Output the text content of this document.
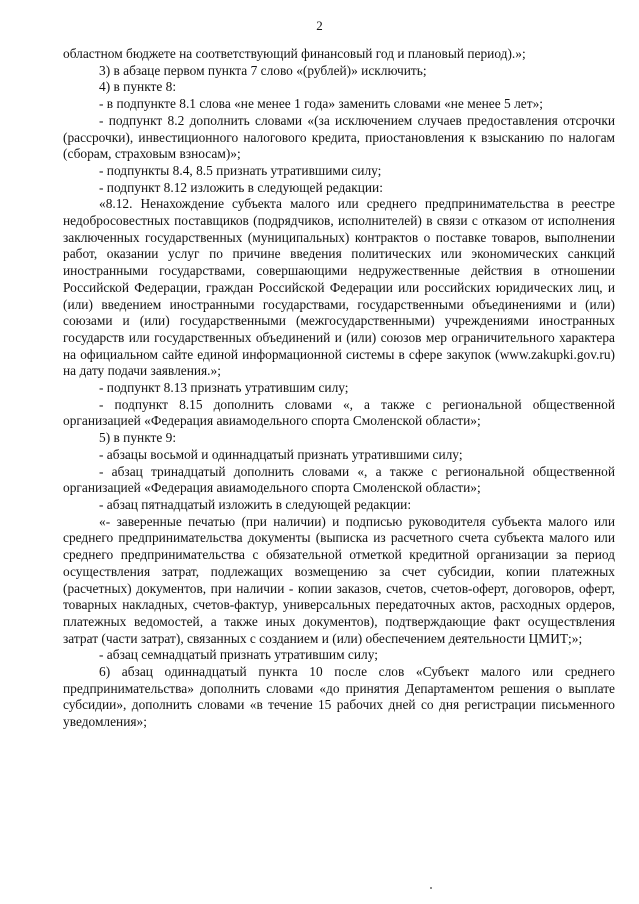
2

областном бюджете на соответствующий финансовый год и плановый период).»;

3) в абзаце первом пункта 7 слово «(рублей)» исключить;

4) в пункте 8:

- в подпункте 8.1 слова «не менее 1 года» заменить словами «не менее 5 лет»;

- подпункт 8.2 дополнить словами «(за исключением случаев предоставления отсрочки (рассрочки), инвестиционного налогового кредита, приостановления к взысканию по налогам (сборам, страховым взносам)»;

- подпункты 8.4, 8.5 признать утратившими силу;

- подпункт 8.12 изложить в следующей редакции:

«8.12. Ненахождение субъекта малого или среднего предпринимательства в реестре недобросовестных поставщиков (подрядчиков, исполнителей) в связи с отказом от исполнения заключенных государственных (муниципальных) контрактов о поставке товаров, выполнении работ, оказании услуг по причине введения политических или экономических санкций иностранными государствами, совершающими недружественные действия в отношении Российской Федерации, граждан Российской Федерации или российских юридических лиц, и (или) введением иностранными государствами, государственными объединениями и (или) союзами и (или) государственными (межгосударственными) учреждениями иностранных государств или государственных объединений и (или) союзов мер ограничительного характера на официальном сайте единой информационной системы в сфере закупок (www.zakupki.gov.ru) на дату подачи заявления.»;

- подпункт 8.13 признать утратившим силу;

- подпункт 8.15 дополнить словами «, а также с региональной общественной организацией «Федерация авиамодельного спорта Смоленской области»;

5) в пункте 9:

- абзацы восьмой и одиннадцатый признать утратившими силу;

- абзац тринадцатый дополнить словами «, а также с региональной общественной организацией «Федерация авиамодельного спорта Смоленской области»;

- абзац пятнадцатый изложить в следующей редакции:

«- заверенные печатью (при наличии) и подписью руководителя субъекта малого или среднего предпринимательства документы (выписка из расчетного счета субъекта малого или среднего предпринимательства с обязательной отметкой кредитной организации за период осуществления затрат, подлежащих возмещению за счет субсидии, копии платежных (расчетных) документов, при наличии - копии заказов, счетов, счетов-оферт, договоров, оферт, товарных накладных, счетов-фактур, универсальных передаточных актов, расходных ордеров, платежных ведомостей, а также иных документов), подтверждающие факт осуществления затрат (части затрат), связанных с созданием и (или) обеспечением деятельности ЦМИТ;»;

- абзац семнадцатый признать утратившим силу;

6) абзац одиннадцатый пункта 10 после слов «Субъект малого или среднего предпринимательства» дополнить словами «до принятия Департаментом решения о выплате субсидии», дополнить словами «в течение 15 рабочих дней со дня регистрации письменного уведомления»;
